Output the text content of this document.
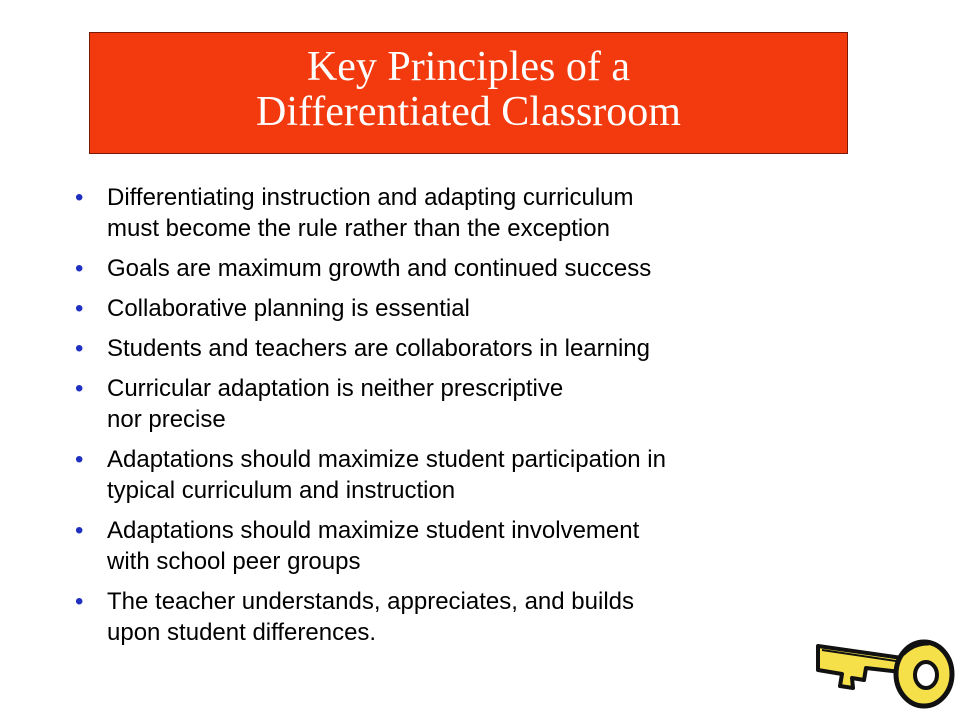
Key Principles of a
Differentiated Classroom
• Differentiating instruction and adapting curriculum
must become the rule rather than the exception
• Goals are maximum growth and continued success
• Collaborative planning is essential
• Students and teachers are collaborators in learning
• Curricular adaptation is neither prescriptive
nor precise
• Adaptations should maximize student participation in
typical curriculum and instruction
• Adaptations should maximize student involvement
with school peer groups
• The teacher understands, appreciates, and builds
upon student differences.
